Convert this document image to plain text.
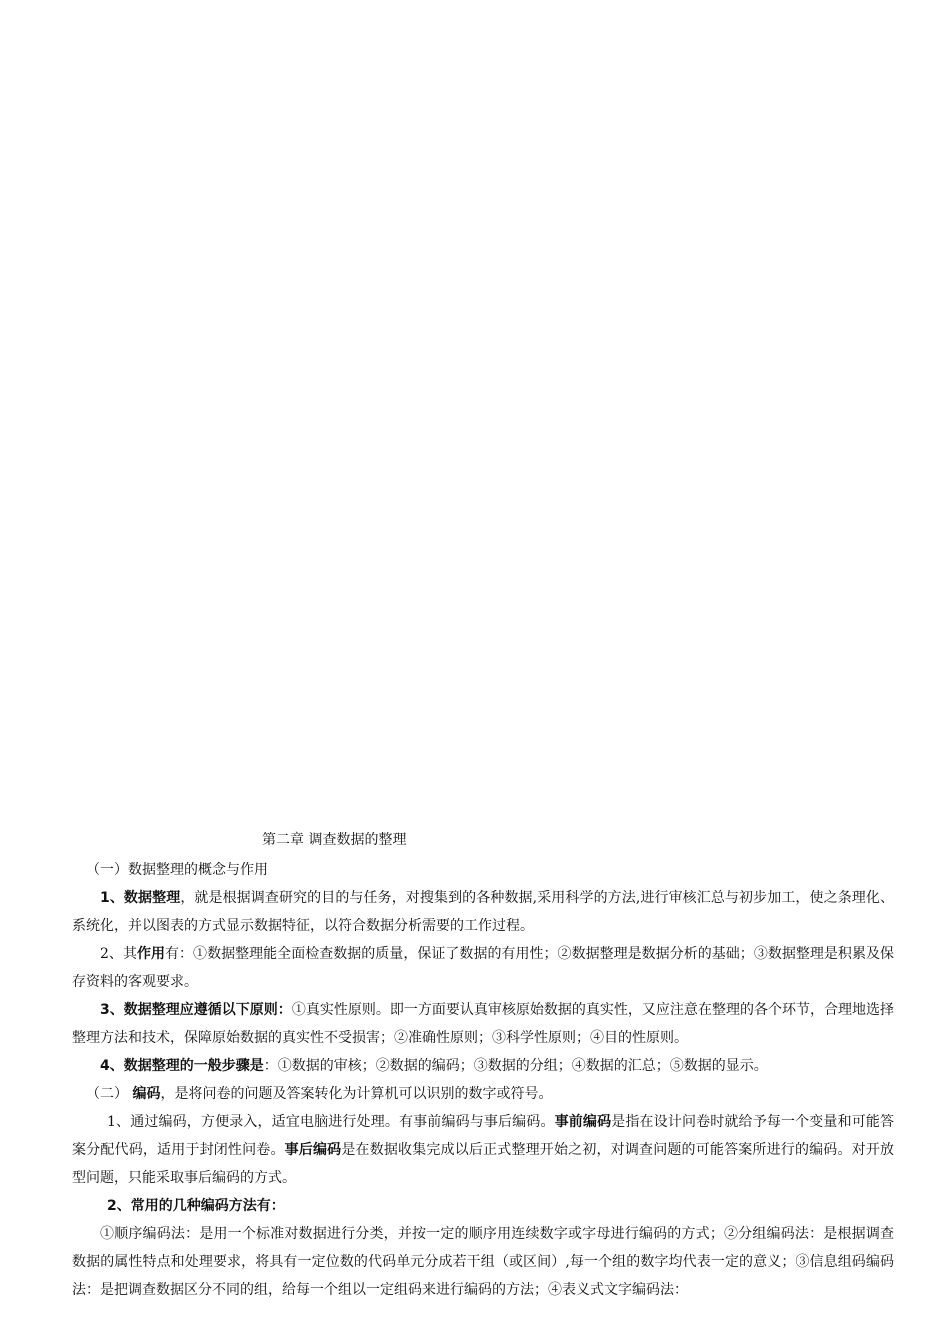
第二章 调查数据的整理

（一）数据整理的概念与作用

1、数据整理，就是根据调查研究的目的与任务，对搜集到的各种数据,采用科学的方法,进行审核汇总与初步加工，使之条理化、系统化，并以图表的方式显示数据特征，以符合数据分析需要的工作过程。

2、其作用有：①数据整理能全面检查数据的质量，保证了数据的有用性；②数据整理是数据分析的基础；③数据整理是积累及保存资料的客观要求。

3、数据整理应遵循以下原则：①真实性原则。即一方面要认真审核原始数据的真实性，又应注意在整理的各个环节，合理地选择整理方法和技术，保障原始数据的真实性不受损害；②准确性原则；③科学性原则；④目的性原则。

4、数据整理的一般步骤是：①数据的审核；②数据的编码；③数据的分组；④数据的汇总；⑤数据的显示。

（二） 编码，是将问卷的问题及答案转化为计算机可以识别的数字或符号。

1、通过编码，方便录入，适宜电脑进行处理。有事前编码与事后编码。事前编码是指在设计问卷时就给予每一个变量和可能答案分配代码，适用于封闭性问卷。事后编码是在数据收集完成以后正式整理开始之初，对调查问题的可能答案所进行的编码。对开放型问题，只能采取事后编码的方式。

2、常用的几种编码方法有：

①顺序编码法：是用一个标准对数据进行分类，并按一定的顺序用连续数字或字母进行编码的方式；②分组编码法：是根据调查数据的属性特点和处理要求，将具有一定位数的代码单元分成若干组（或区间）,每一个组的数字均代表一定的意义；③信息组码编码法：是把调查数据区分不同的组，给每一个组以一定组码来进行编码的方法；④表义式文字编码法：
